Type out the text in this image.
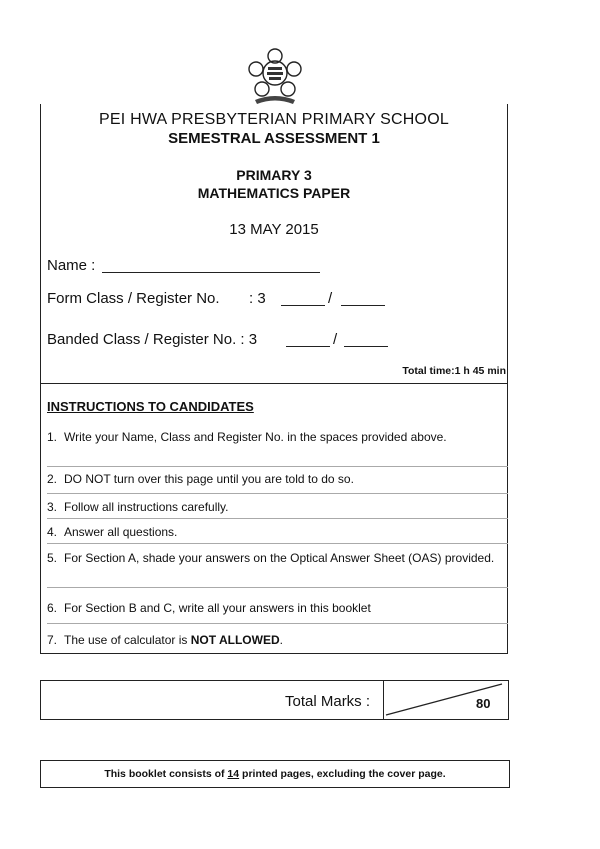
PEI HWA PRESBYTERIAN PRIMARY SCHOOL
SEMESTRAL ASSESSMENT 1
PRIMARY 3
MATHEMATICS PAPER
13 MAY 2015
Name :
Form Class / Register No. : 3	/
Banded Class / Register No. : 3	/
Total time:1 h 45 min
INSTRUCTIONS TO CANDIDATES
1. Write your Name, Class and Register No. in the spaces provided above.
2. DO NOT turn over this page until you are told to do so.
3. Follow all instructions carefully.
4. Answer all questions.
5. For Section A, shade your answers on the Optical Answer Sheet (OAS) provided.
6. For Section B and C, write all your answers in this booklet
7. The use of calculator is NOT ALLOWED.
Total Marks :	80
This booklet consists of 14 printed pages, excluding the cover page.
